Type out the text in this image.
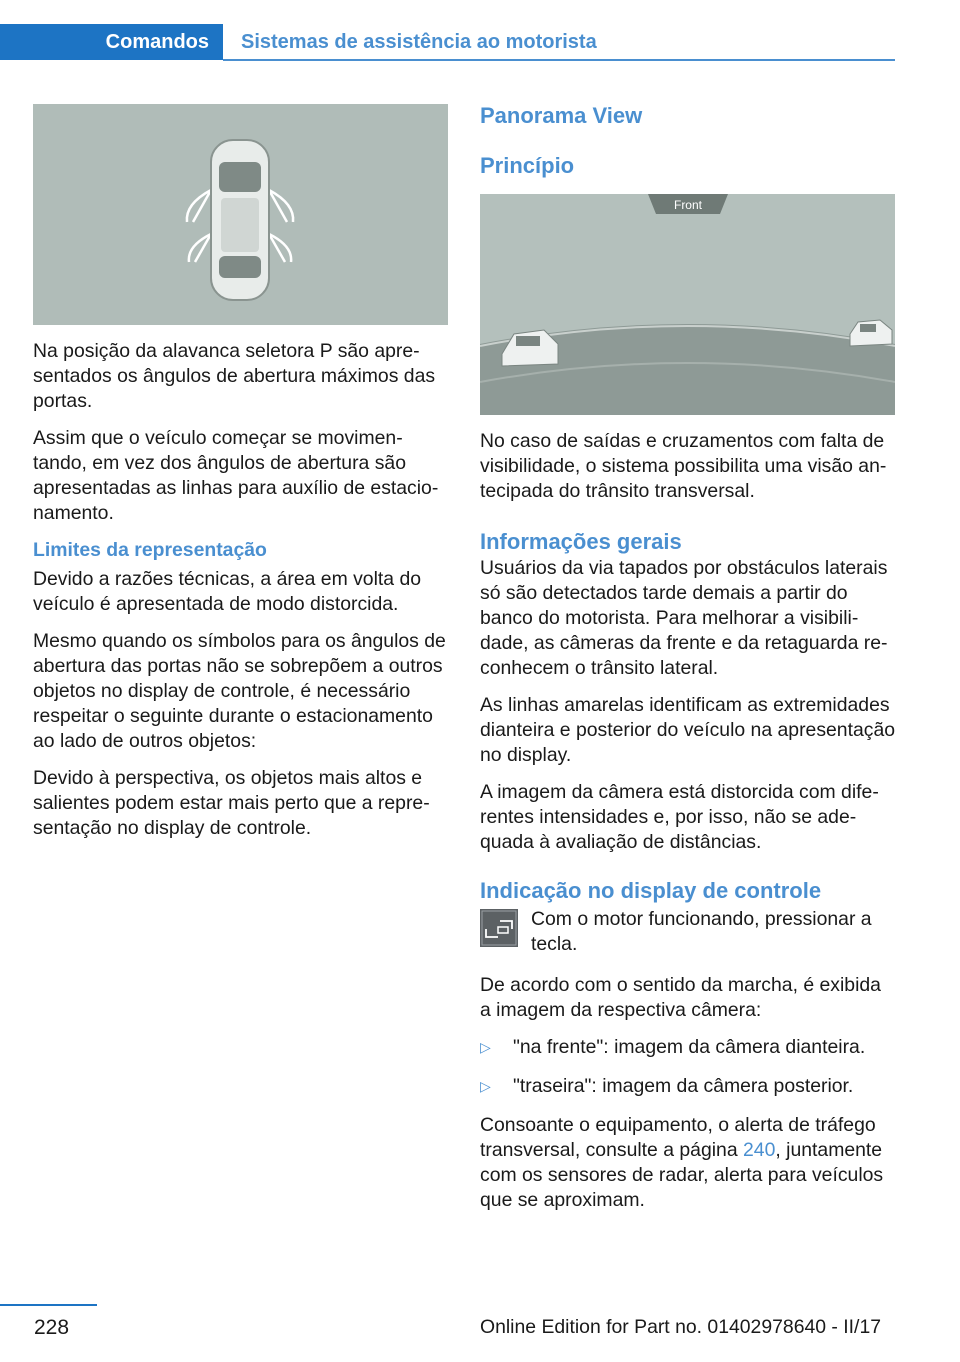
Comandos	Sistemas de assistência ao motorista

Na posição da alavanca seletora P são apresentados os ângulos de abertura máximos das portas.

Assim que o veículo começar se movimentando, em vez dos ângulos de abertura são apresentadas as linhas para auxílio de estacionamento.

Limites da representação

Devido a razões técnicas, a área em volta do veículo é apresentada de modo distorcida.

Mesmo quando os símbolos para os ângulos de abertura das portas não se sobrepõem a outros objetos no display de controle, é necessário respeitar o seguinte durante o estacionamento ao lado de outros objetos:

Devido à perspectiva, os objetos mais altos e salientes podem estar mais perto que a representação no display de controle.

Panorama View
Princípio
Front

No caso de saídas e cruzamentos com falta de visibilidade, o sistema possibilita uma visão antecipada do trânsito transversal.

Informações gerais

Usuários da via tapados por obstáculos laterais só são detectados tarde demais a partir do banco do motorista. Para melhorar a visibilidade, as câmeras da frente e da retaguarda reconhecem o trânsito lateral.

As linhas amarelas identificam as extremidades dianteira e posterior do veículo na apresentação no display.

A imagem da câmera está distorcida com diferentes intensidades e, por isso, não se adequada à avaliação de distâncias.

Indicação no display de controle

Com o motor funcionando, pressionar a tecla.

De acordo com o sentido da marcha, é exibida a imagem da respectiva câmera:

▷	"na frente": imagem da câmera dianteira.
▷	"traseira": imagem da câmera posterior.

Consoante o equipamento, o alerta de tráfego transversal, consulte a página 240, juntamente com os sensores de radar, alerta para veículos que se aproximam.

228	Online Edition for Part no. 01402978640 - II/17
